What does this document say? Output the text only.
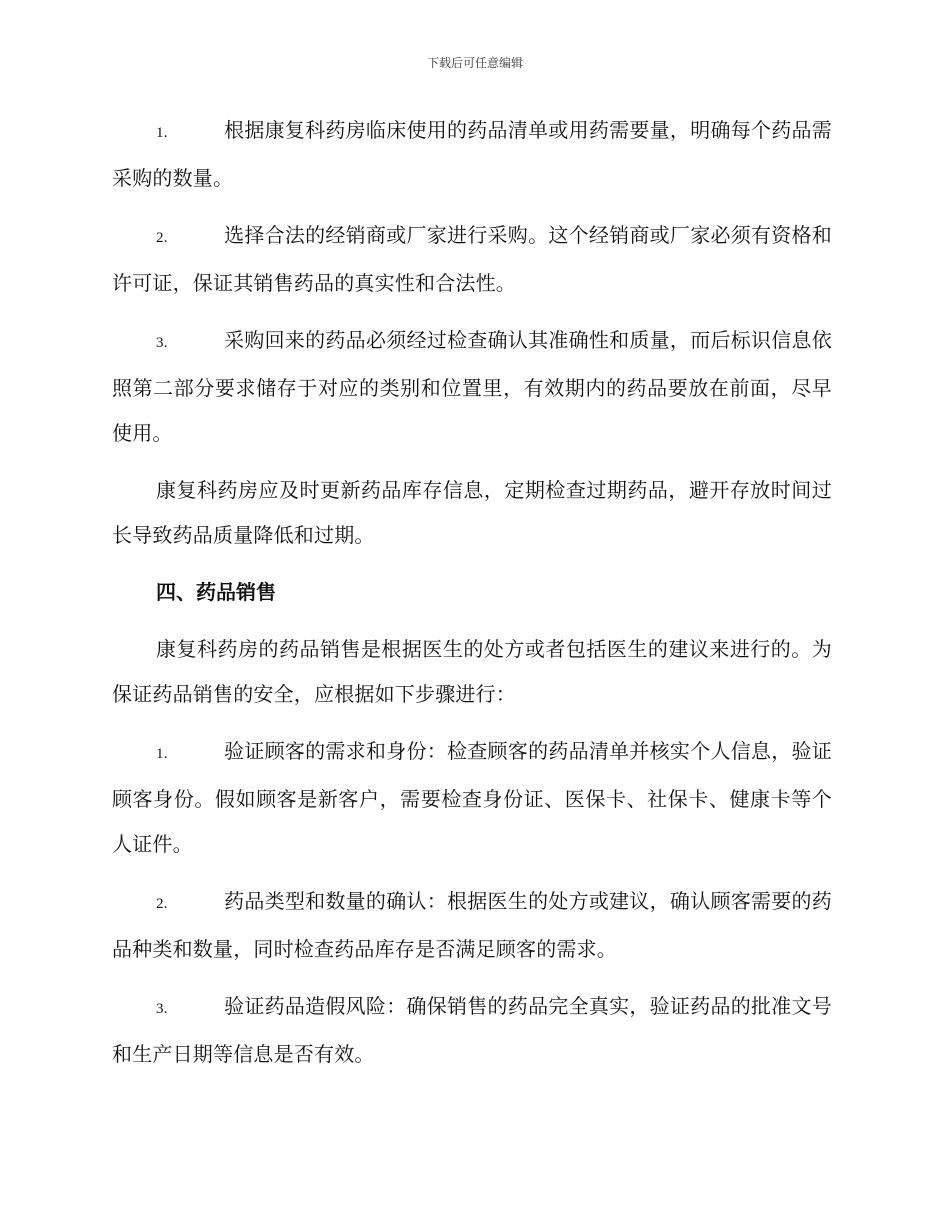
下载后可任意编辑

1.	根据康复科药房临床使用的药品清单或用药需要量，明确每个药品需采购的数量。

2.	选择合法的经销商或厂家进行采购。这个经销商或厂家必须有资格和许可证，保证其销售药品的真实性和合法性。

3.	采购回来的药品必须经过检查确认其准确性和质量，而后标识信息依照第二部分要求储存于对应的类别和位置里，有效期内的药品要放在前面，尽早使用。

康复科药房应及时更新药品库存信息，定期检查过期药品，避开存放时间过长导致药品质量降低和过期。

四、药品销售

康复科药房的药品销售是根据医生的处方或者包括医生的建议来进行的。为保证药品销售的安全，应根据如下步骤进行：

1.	验证顾客的需求和身份：检查顾客的药品清单并核实个人信息，验证顾客身份。假如顾客是新客户，需要检查身份证、医保卡、社保卡、健康卡等个人证件。

2.	药品类型和数量的确认：根据医生的处方或建议，确认顾客需要的药品种类和数量，同时检查药品库存是否满足顾客的需求。

3.	验证药品造假风险：确保销售的药品完全真实，验证药品的批准文号和生产日期等信息是否有效。
